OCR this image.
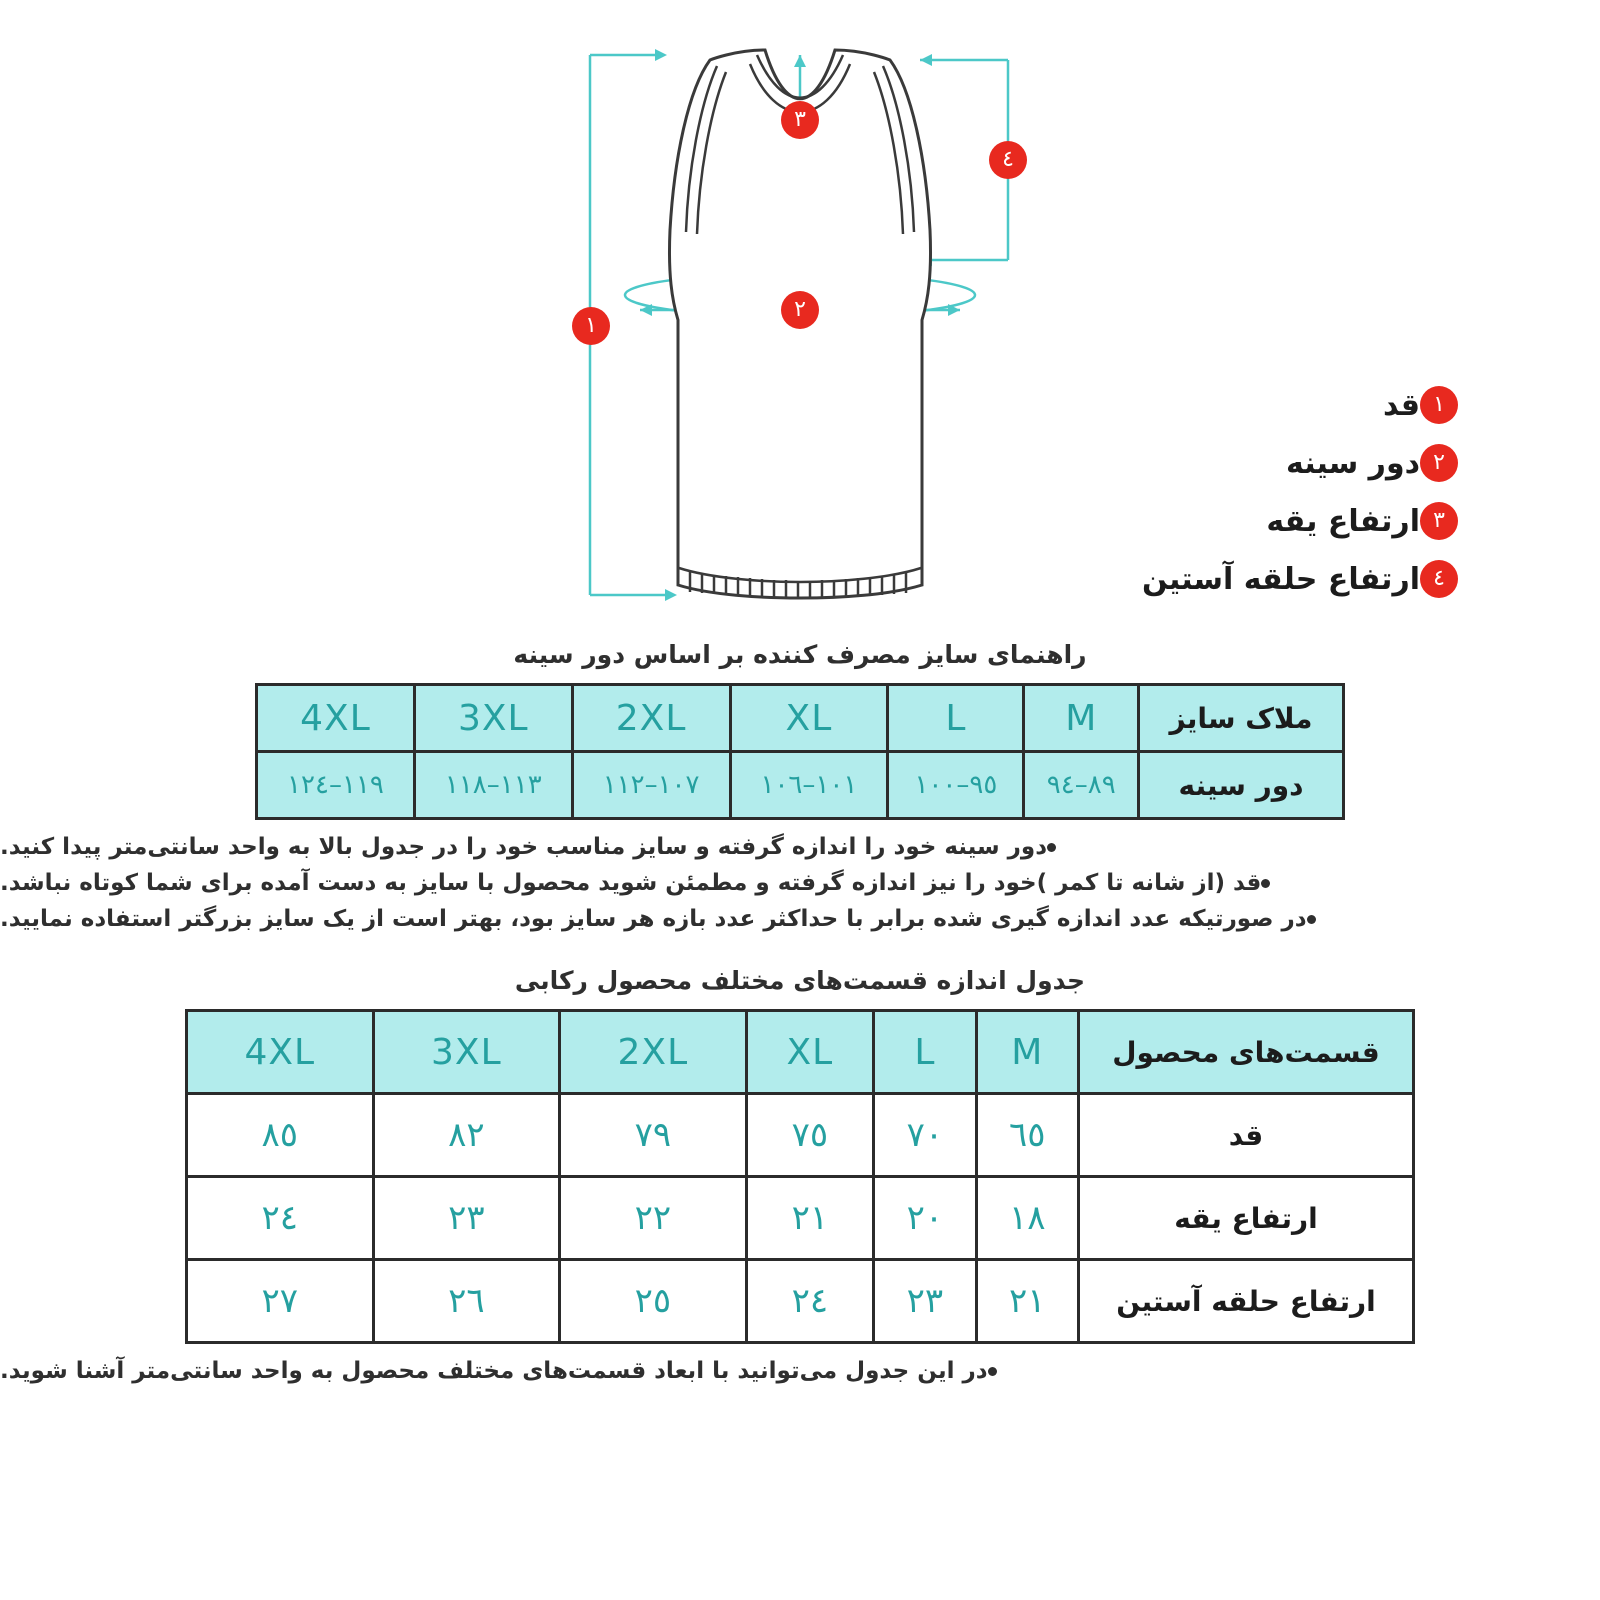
١
٢
٣
٤
١
قد
٢
دور سینه
٣
ارتفاع یقه
٤
ارتفاع حلقه آستین
راهنمای سایز مصرف کننده بر اساس دور سینه
ملاک سایز	M	L	XL	2XL	3XL	4XL
دور سینه	٨٩–٩٤	٩٥–١٠٠	١٠١–١٠٦	١٠٧–١١٢	١١٣–١١٨	١١٩–١٢٤
دور سینه خود را اندازه گرفته و سایز مناسب خود را در جدول بالا به واحد سانتی‌متر پیدا کنید.
قد (از شانه تا کمر )خود را نیز اندازه گرفته و مطمئن شوید محصول با سایز به دست آمده برای شما کوتاه نباشد.
در صورتیکه عدد اندازه گیری شده برابر با حداکثر عدد بازه هر سایز بود، بهتر است از یک سایز بزرگتر استفاده نمایید.
جدول اندازه قسمت‌های مختلف محصول رکابی
قسمت‌های محصول	M	L	XL	2XL	3XL	4XL
قد	٦٥	٧٠	٧٥	٧٩	٨٢	٨٥
ارتفاع یقه	١٨	٢٠	٢١	٢٢	٢٣	٢٤
ارتفاع حلقه آستین	٢١	٢٣	٢٤	٢٥	٢٦	٢٧
در این جدول می‌توانید با ابعاد قسمت‌های مختلف محصول به واحد سانتی‌متر آشنا شوید.
